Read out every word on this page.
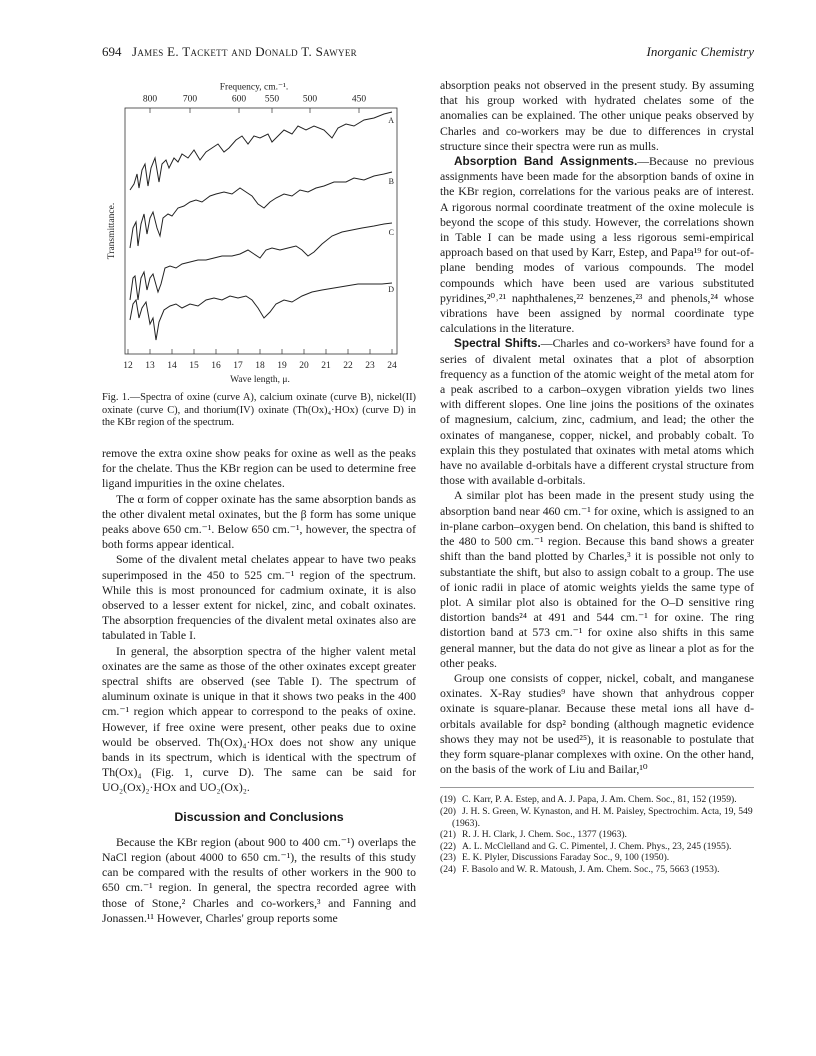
694 James E. Tackett and Donald T. Sawyer	Inorganic Chemistry
Frequency, cm.⁻¹.
800	700	600 550	500	450
Transmittance.
A
B
C
D
12 13 14 15 16 17 18 19 20 21 22 23 24
Wave length, μ.
Fig. 1.—Spectra of oxine (curve A), calcium oxinate (curve B), nickel(II) oxinate (curve C), and thorium(IV) oxinate (Th(Ox)₄·HOx) (curve D) in the KBr region of the spectrum.

remove the extra oxine show peaks for oxine as well as the peaks for the chelate. Thus the KBr region can be used to determine free ligand impurities in the oxine chelates.

The α form of copper oxinate has the same absorption bands as the other divalent metal oxinates, but the β form has some unique peaks above 650 cm.⁻¹. Below 650 cm.⁻¹, however, the spectra of both forms appear identical.

Some of the divalent metal chelates appear to have two peaks superimposed in the 450 to 525 cm.⁻¹ region of the spectrum. While this is most pronounced for cadmium oxinate, it is also observed to a lesser extent for nickel, zinc, and cobalt oxinates. The absorption frequencies of the divalent metal oxinates also are tabulated in Table I.

In general, the absorption spectra of the higher valent metal oxinates are the same as those of the other oxinates except greater spectral shifts are observed (see Table I). The spectrum of aluminum oxinate is unique in that it shows two peaks in the 400 cm.⁻¹ region which appear to correspond to the peaks of oxine. However, if free oxine were present, other peaks due to oxine would be observed. Th(Ox)₄·HOx does not show any unique bands in its spectrum, which is identical with the spectrum of Th(Ox)₄ (Fig. 1, curve D). The same can be said for UO₂(Ox)₂·HOx and UO₂(Ox)₂.

Discussion and Conclusions

Because the KBr region (about 900 to 400 cm.⁻¹) overlaps the NaCl region (about 4000 to 650 cm.⁻¹), the results of this study can be compared with the results of other workers in the 900 to 650 cm.⁻¹ region. In general, the spectra recorded agree with those of Stone,² Charles and co-workers,³ and Fanning and Jonassen.¹¹ However, Charles' group reports some

absorption peaks not observed in the present study. By assuming that his group worked with hydrated chelates some of the anomalies can be explained. The other unique peaks observed by Charles and co-workers may be due to differences in crystal structure since their spectra were run as mulls.

Absorption Band Assignments.—Because no previous assignments have been made for the absorption bands of oxine in the KBr region, correlations for the various peaks are of interest. A rigorous normal coordinate treatment of the oxine molecule is beyond the scope of this study. However, the correlations shown in Table I can be made using a less rigorous semi-empirical approach based on that used by Karr, Estep, and Papa¹⁹ for out-of-plane bending modes of various compounds. The model compounds which have been used are various substituted pyridines,²⁰˒²¹ naphthalenes,²² benzenes,²³ and phenols,²⁴ whose vibrations have been assigned by normal coordinate type calculations in the literature.

Spectral Shifts.—Charles and co-workers³ have found for a series of divalent metal oxinates that a plot of absorption frequency as a function of the atomic weight of the metal atom for a peak ascribed to a carbon–oxygen vibration yields two lines with different slopes. One line joins the positions of the oxinates of magnesium, calcium, zinc, cadmium, and lead; the other the oxinates of manganese, copper, nickel, and probably cobalt. To explain this they postulated that oxinates with metal atoms which have no available d-orbitals have a different crystal structure from those with available d-orbitals.

A similar plot has been made in the present study using the absorption band near 460 cm.⁻¹ for oxine, which is assigned to an in-plane carbon–oxygen bend. On chelation, this band is shifted to the 480 to 500 cm.⁻¹ region. Because this band shows a greater shift than the band plotted by Charles,³ it is possible not only to substantiate the shift, but also to assign cobalt to a group. The use of ionic radii in place of atomic weights yields the same type of plot. A similar plot also is obtained for the O–D sensitive ring distortion bands²⁴ at 491 and 544 cm.⁻¹ for oxine. The ring distortion band at 573 cm.⁻¹ for oxine also shifts in this same general manner, but the data do not give as linear a plot as for the other peaks.

Group one consists of copper, nickel, cobalt, and manganese oxinates. X-Ray studies⁹ have shown that anhydrous copper oxinate is square-planar. Because these metal ions all have d-orbitals available for dsp² bonding (although magnetic evidence shows they may not be used²⁵), it is reasonable to postulate that they form square-planar complexes with oxine. On the other hand, on the basis of the work of Liu and Bailar,¹⁰

(19) C. Karr, P. A. Estep, and A. J. Papa, J. Am. Chem. Soc., 81, 152 (1959).

(20) J. H. S. Green, W. Kynaston, and H. M. Paisley, Spectrochim. Acta, 19, 549 (1963).

(21) R. J. H. Clark, J. Chem. Soc., 1377 (1963).

(22) A. L. McClelland and G. C. Pimentel, J. Chem. Phys., 23, 245 (1955).

(23) E. K. Plyler, Discussions Faraday Soc., 9, 100 (1950).

(24) F. Basolo and W. R. Matoush, J. Am. Chem. Soc., 75, 5663 (1953).
